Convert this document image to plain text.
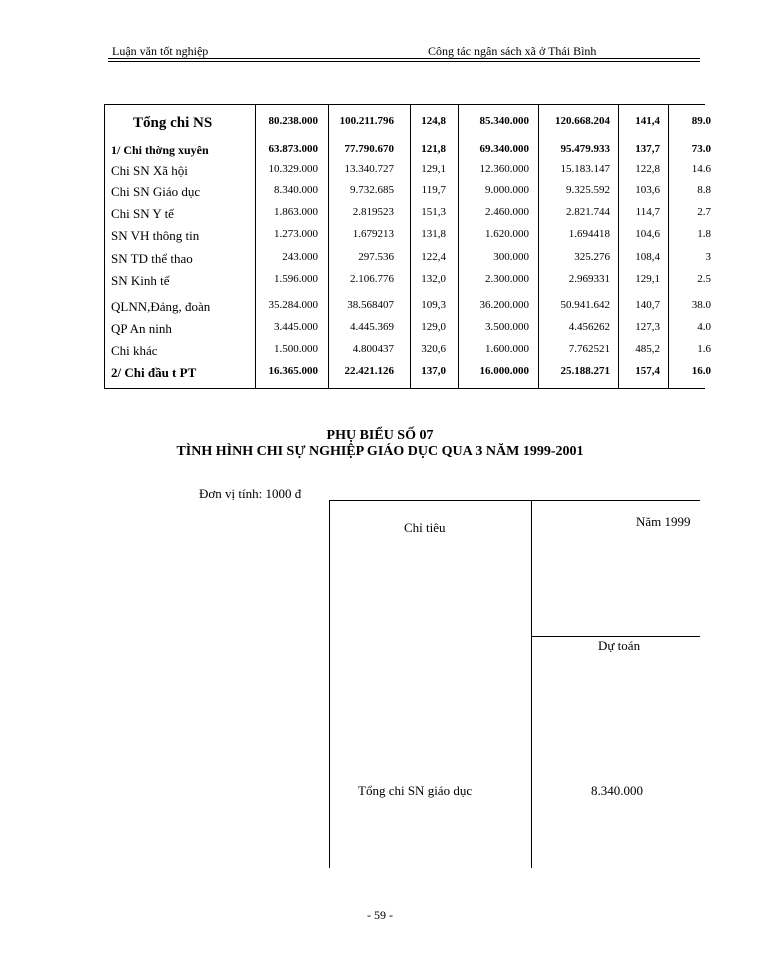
Luận văn tốt nghiệp	Công tác ngân sách xã ở Thái Bình
Tổng chi NS	80.238.000 100.211.796 124,8	85.340.000 120.668.204 141,4	89.0
1/ Chi thờng xuyên	63.873.000 77.790.670 121,8	69.340.000	95.479.933 137,7	73.0
Chi SN Xã hội	10.329.000 13.340.727 129,1	12.360.000	15.183.147 122,8	14.6
Chi SN Giáo dục	8.340.000	9.732.685	119,7	9.000.000	9.325.592 103,6	8.8
Chi SN Y tế	1.863.000	2.819523 151,3	2.460.000	2.821.744 114,7	2.7
SN VH thông tin	1.273.000	1.679213 131,8	1.620.000	1.694418 104,6	1.8
SN TD thể thao	243.000	297.536 122,4	300.000	325.276 108,4	3
SN Kinh tế	1.596.000	2.106.776 132,0	2.300.000	2.969331 129,1	2.5
QLNN,Đảng, đoàn	35.284.000	38.568407 109,3	36.200.000	50.941.642 140,7	38.0
QP An ninh	3.445.000	4.445.369 129,0	3.500.000	4.456262 127,3	4.0
Chi khác	1.500.000	4.800437 320,6	1.600.000	7.762521 485,2	1.6
2/ Chi đầu t PT	16.365.000 22.421.126 137,0	16.000.000	25.188.271 157,4	16.0
PHỤ BIỂU SỐ 07
TÌNH HÌNH CHI SỰ NGHIỆP GIÁO DỤC QUA 3 NĂM 1999-2001
Đơn vị tính: 1000 đ
Chỉ tiêu	Năm 1999
Dự toán
Tổng chi SN giáo dục	8.340.000
- 59 -
